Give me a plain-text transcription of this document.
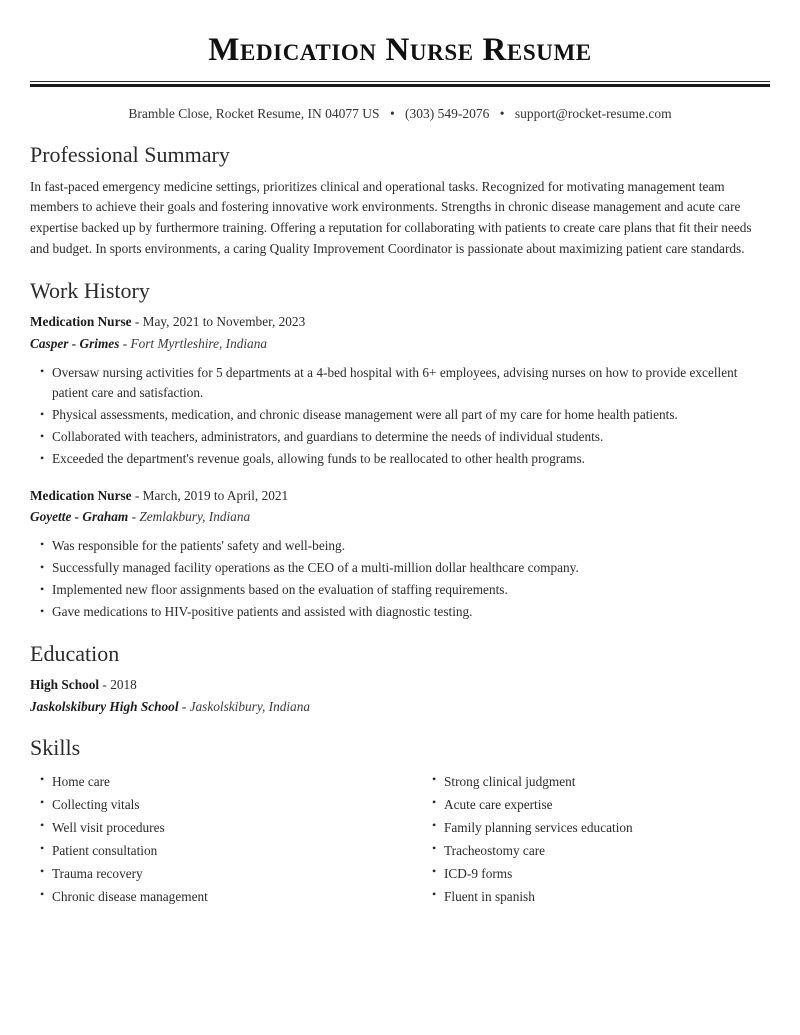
Medication Nurse Resume
Bramble Close, Rocket Resume, IN 04077 US • (303) 549-2076 • support@rocket-resume.com
Professional Summary

In fast-paced emergency medicine settings, prioritizes clinical and operational tasks. Recognized for motivating management team members to achieve their goals and fostering innovative work environments. Strengths in chronic disease management and acute care expertise backed up by furthermore training. Offering a reputation for collaborating with patients to create care plans that fit their needs and budget. In sports environments, a caring Quality Improvement Coordinator is passionate about maximizing patient care standards.

Work History
Medication Nurse - May, 2021 to November, 2023
Casper - Grimes - Fort Myrtleshire, Indiana
• Oversaw nursing activities for 5 departments at a 4-bed hospital with 6+ employees, advising nurses on how to provide excellent patient care and satisfaction.
• Physical assessments, medication, and chronic disease management were all part of my care for home health patients.
• Collaborated with teachers, administrators, and guardians to determine the needs of individual students.
• Exceeded the department's revenue goals, allowing funds to be reallocated to other health programs.
Medication Nurse - March, 2019 to April, 2021
Goyette - Graham - Zemlakbury, Indiana
• Was responsible for the patients' safety and well-being.
• Successfully managed facility operations as the CEO of a multi-million dollar healthcare company.
• Implemented new floor assignments based on the evaluation of staffing requirements.
• Gave medications to HIV-positive patients and assisted with diagnostic testing.
Education
High School - 2018
Jaskolskibury High School - Jaskolskibury, Indiana
Skills
• Home care
• Collecting vitals
• Well visit procedures
• Patient consultation
• Trauma recovery
• Chronic disease management
• Strong clinical judgment
• Acute care expertise
• Family planning services education
• Tracheostomy care
• ICD-9 forms
• Fluent in spanish
